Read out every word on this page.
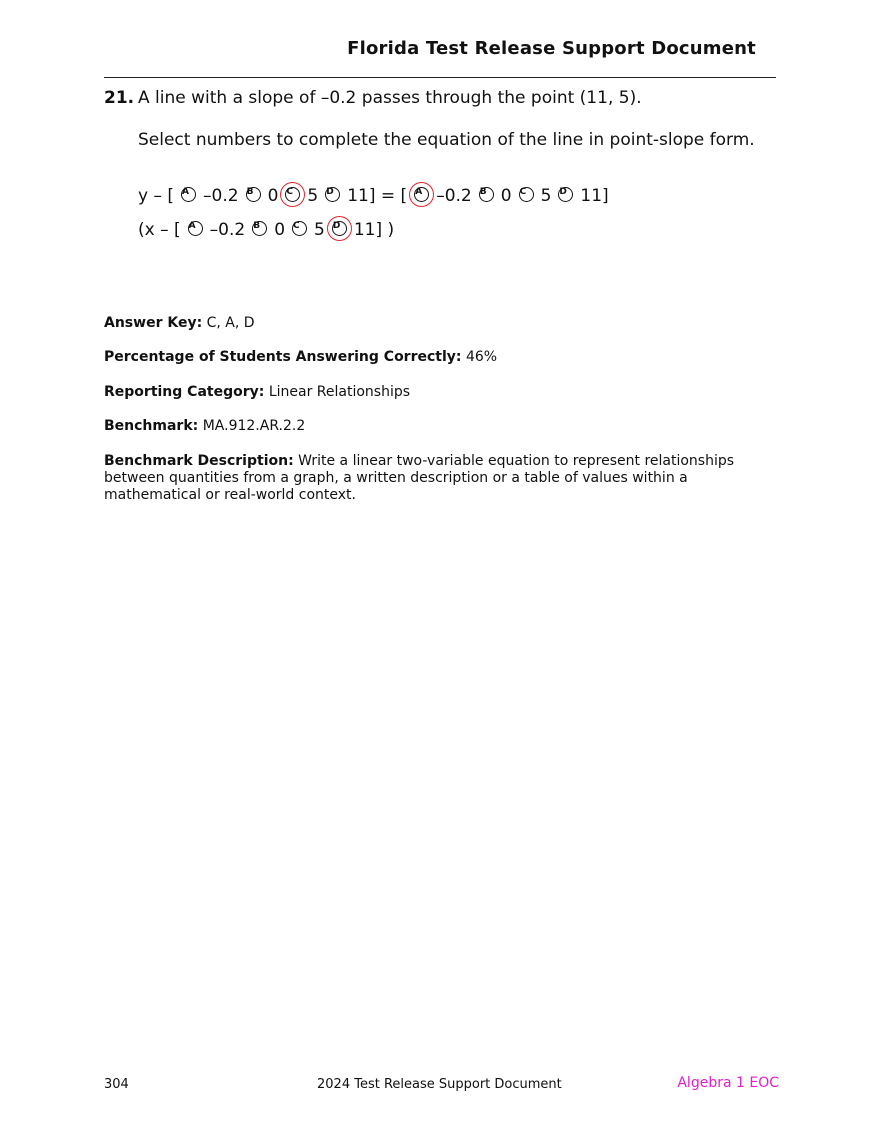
Florida Test Release Support Document
21. A line with a slope of –0.2 passes through the point (11, 5).
Select numbers to complete the equation of the line in point-slope form.
y – [ A –0.2 B 0 C 5 D 11 ] = [ A –0.2 B 0 C 5 D 11 ]
(x – [ A –0.2 B 0 C 5 D 11 ] )
Answer Key: C, A, D
Percentage of Students Answering Correctly: 46%
Reporting Category: Linear Relationships
Benchmark: MA.912.AR.2.2
Benchmark Description: Write a linear two-variable equation to represent relationships between quantities from a graph, a written description or a table of values within a mathematical or real-world context.
304	2024 Test Release Support Document	Algebra 1 EOC
